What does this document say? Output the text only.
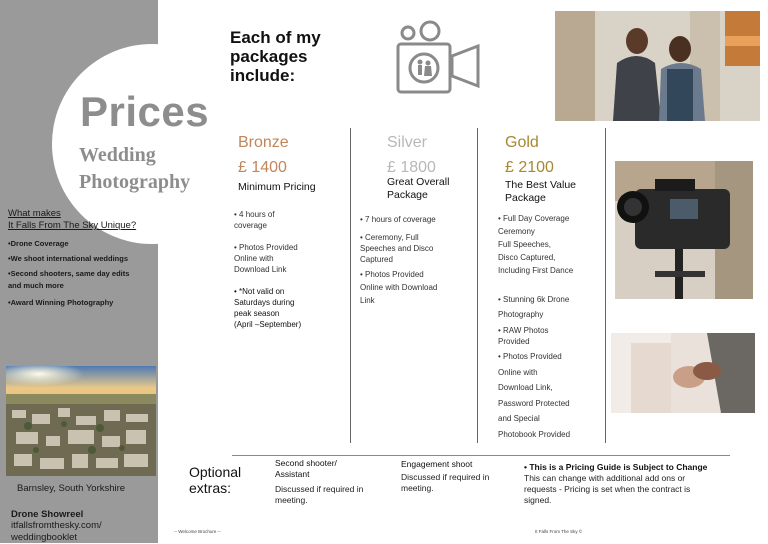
Prices
Wedding
Photography
What makes
It Falls From The Sky Unique?
•Drone Coverage
•We shoot international weddings
•Second shooters, same day edits
and much more
•Award Winning Photography
Barnsley, South Yorkshire
Drone Showreel
itfallsfromthesky.com/
weddingbooklet
Each of my
packages
include:
Bronze
£ 1400
Minimum Pricing
• 4 hours of
coverage
• Photos Provided
Online with
Download Link
• *Not valid on
Saturdays during
peak season
(April –September)
Silver
£ 1800
Great Overall
Package
• 7 hours of coverage
• Ceremony, Full
Speeches and Disco
Captured
• Photos Provided
Online with Download
Link
Gold
£ 2100
The Best Value
Package
• Full Day Coverage
Ceremony
Full Speeches,
Disco Captured,
Including First Dance
• Stunning 6k Drone
Photography
• RAW Photos
Provided
• Photos Provided
Online with
Download Link,
Password Protected
and Special
Photobook Provided
Optional
extras:
Second shooter/
Assistant
Discussed if required in
meeting.
Engagement shoot
Discussed if required in
meeting.
• This is a Pricing Guide is Subject to Change
This can change with additional add ons or
requests - Pricing is set when the contract is
signed.
-- Welcome Brochure --	It Falls From The Sky ©
